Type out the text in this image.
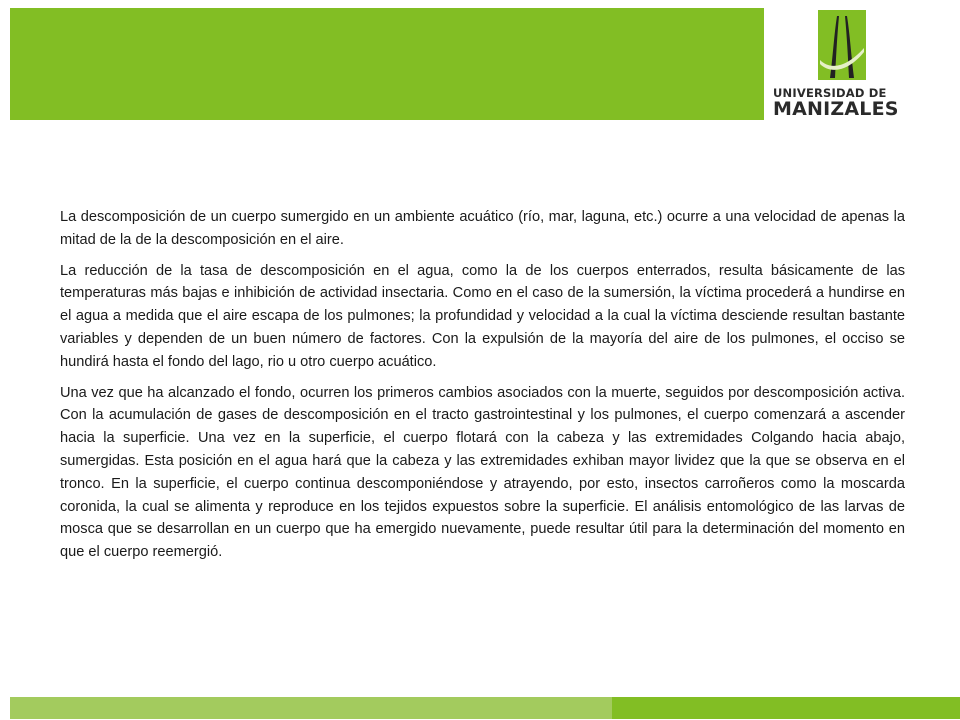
UNIVERSIDAD DE
MANIZALES

La descomposición de un cuerpo sumergido en un ambiente acuático (río, mar, laguna, etc.) ocurre a una velocidad de apenas la mitad de la de la descomposición en el aire.

La reducción de la tasa de descomposición en el agua, como la de los cuerpos enterrados, resulta básicamente de las temperaturas más bajas e inhibición de actividad insectaria. Como en el caso de la sumersión, la víctima procederá a hundirse en el agua a medida que el aire escapa de los pulmones; la profundidad y velocidad a la cual la víctima desciende resultan bastante variables y dependen de un buen número de factores. Con la expulsión de la mayoría del aire de los pulmones, el occiso se hundirá hasta el fondo del lago, rio u otro cuerpo acuático.

Una vez que ha alcanzado el fondo, ocurren los primeros cambios asociados con la muerte, seguidos por descomposición activa. Con la acumulación de gases de descomposición en el tracto gastrointestinal y los pulmones, el cuerpo comenzará a ascender hacia la superficie. Una vez en la superficie, el cuerpo flotará con la cabeza y las extremidades Colgando hacia abajo, sumergidas. Esta posición en el agua hará que la cabeza y las extremidades exhiban mayor lividez que la que se observa en el tronco. En la superficie, el cuerpo continua descomponiéndose y atrayendo, por esto, insectos carroñeros como la moscarda coronida, la cual se alimenta y reproduce en los tejidos expuestos sobre la superficie. El análisis entomológico de las larvas de mosca que se desarrollan en un cuerpo que ha emergido nuevamente, puede resultar útil para la determinación del momento en que el cuerpo reemergió.
